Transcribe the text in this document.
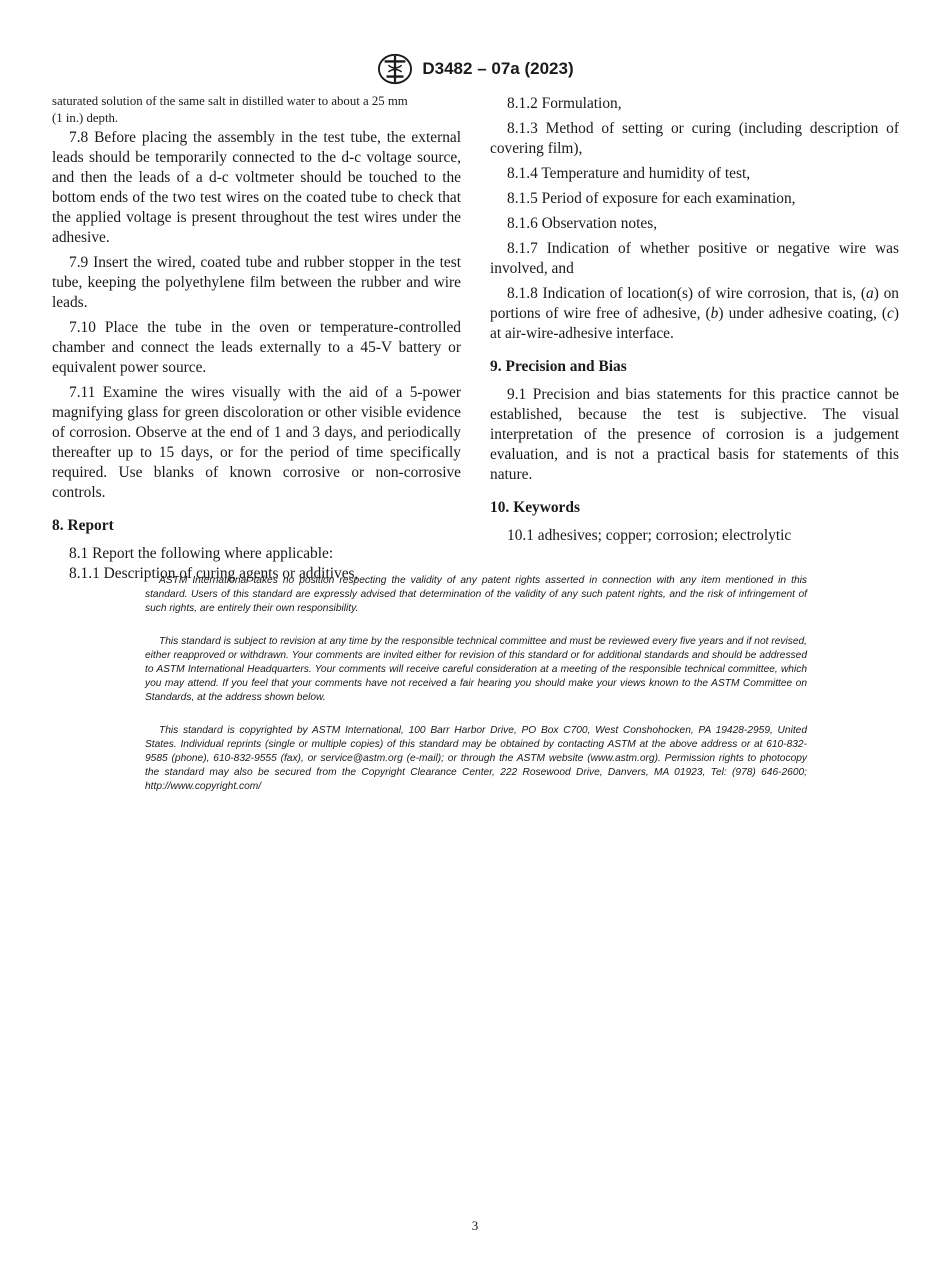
D3482 – 07a (2023)

saturated solution of the same salt in distilled water to about a 25 mm

(1 in.) depth.

7.8 Before placing the assembly in the test tube, the external leads should be temporarily connected to the d-c voltage source, and then the leads of a d-c voltmeter should be touched to the bottom ends of the two test wires on the coated tube to check that the applied voltage is present throughout the test wires under the adhesive.

7.9 Insert the wired, coated tube and rubber stopper in the test tube, keeping the polyethylene film between the rubber and wire leads.

7.10 Place the tube in the oven or temperature-controlled chamber and connect the leads externally to a 45-V battery or equivalent power source.

7.11 Examine the wires visually with the aid of a 5-power magnifying glass for green discoloration or other visible evidence of corrosion. Observe at the end of 1 and 3 days, and periodically thereafter up to 15 days, or for the period of time specifically required. Use blanks of known corrosive or non-corrosive controls.

8. Report

8.1 Report the following where applicable:

8.1.1 Description of curing agents or additives,

8.1.2 Formulation,

8.1.3 Method of setting or curing (including description of covering film),

8.1.4 Temperature and humidity of test,

8.1.5 Period of exposure for each examination,

8.1.6 Observation notes,

8.1.7 Indication of whether positive or negative wire was involved, and

8.1.8 Indication of location(s) of wire corrosion, that is, (a) on portions of wire free of adhesive, (b) under adhesive coating, (c) at air-wire-adhesive interface.

9. Precision and Bias

9.1 Precision and bias statements for this practice cannot be established, because the test is subjective. The visual interpretation of the presence of corrosion is a judgement evaluation, and is not a practical basis for statements of this nature.

10. Keywords

10.1 adhesives; copper; corrosion; electrolytic

ASTM International takes no position respecting the validity of any patent rights asserted in connection with any item mentioned in this standard. Users of this standard are expressly advised that determination of the validity of any such patent rights, and the risk of infringement of such rights, are entirely their own responsibility.

This standard is subject to revision at any time by the responsible technical committee and must be reviewed every five years and if not revised, either reapproved or withdrawn. Your comments are invited either for revision of this standard or for additional standards and should be addressed to ASTM International Headquarters. Your comments will receive careful consideration at a meeting of the responsible technical committee, which you may attend. If you feel that your comments have not received a fair hearing you should make your views known to the ASTM Committee on Standards, at the address shown below.

This standard is copyrighted by ASTM International, 100 Barr Harbor Drive, PO Box C700, West Conshohocken, PA 19428-2959, United States. Individual reprints (single or multiple copies) of this standard may be obtained by contacting ASTM at the above address or at 610-832-9585 (phone), 610-832-9555 (fax), or service@astm.org (e-mail); or through the ASTM website (www.astm.org). Permission rights to photocopy the standard may also be secured from the Copyright Clearance Center, 222 Rosewood Drive, Danvers, MA 01923, Tel: (978) 646-2600; http://www.copyright.com/

3
